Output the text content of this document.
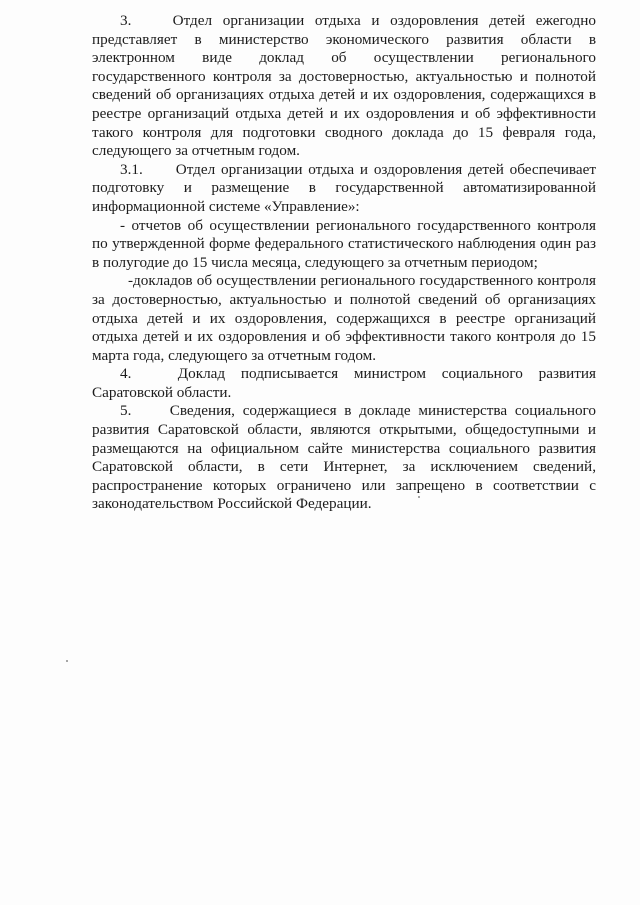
3.	Отдел организации отдыха и оздоровления детей ежегодно представляет в министерство экономического развития области в электронном виде доклад об осуществлении регионального государственного контроля за достоверностью, актуальностью и полнотой сведений об организациях отдыха детей и их оздоровления, содержащихся в реестре организаций отдыха детей и их оздоровления и об эффективности такого контроля для подготовки сводного доклада до 15 февраля года, следующего за отчетным годом.

3.1. Отдел организации отдыха и оздоровления детей обеспечивает подготовку и размещение в государственной автоматизированной информационной системе «Управление»:

- отчетов об осуществлении регионального государственного контроля по утвержденной форме федерального статистического наблюдения один раз в полугодие до 15 числа месяца, следующего за отчетным периодом;

-докладов об осуществлении регионального государственного контроля за достоверностью, актуальностью и полнотой сведений об организациях отдыха детей и их оздоровления, содержащихся в реестре организаций отдыха детей и их оздоровления и об эффективности такого контроля до 15 марта года, следующего за отчетным годом.

4.	Доклад подписывается министром социального развития Саратовской области.

5.	Сведения, содержащиеся в докладе министерства социального развития Саратовской области, являются открытыми, общедоступными и размещаются на официальном сайте министерства социального развития Саратовской области, в сети Интернет, за исключением сведений, распространение которых ограничено или запрещено в соответствии с законодательством Российской Федерации.
